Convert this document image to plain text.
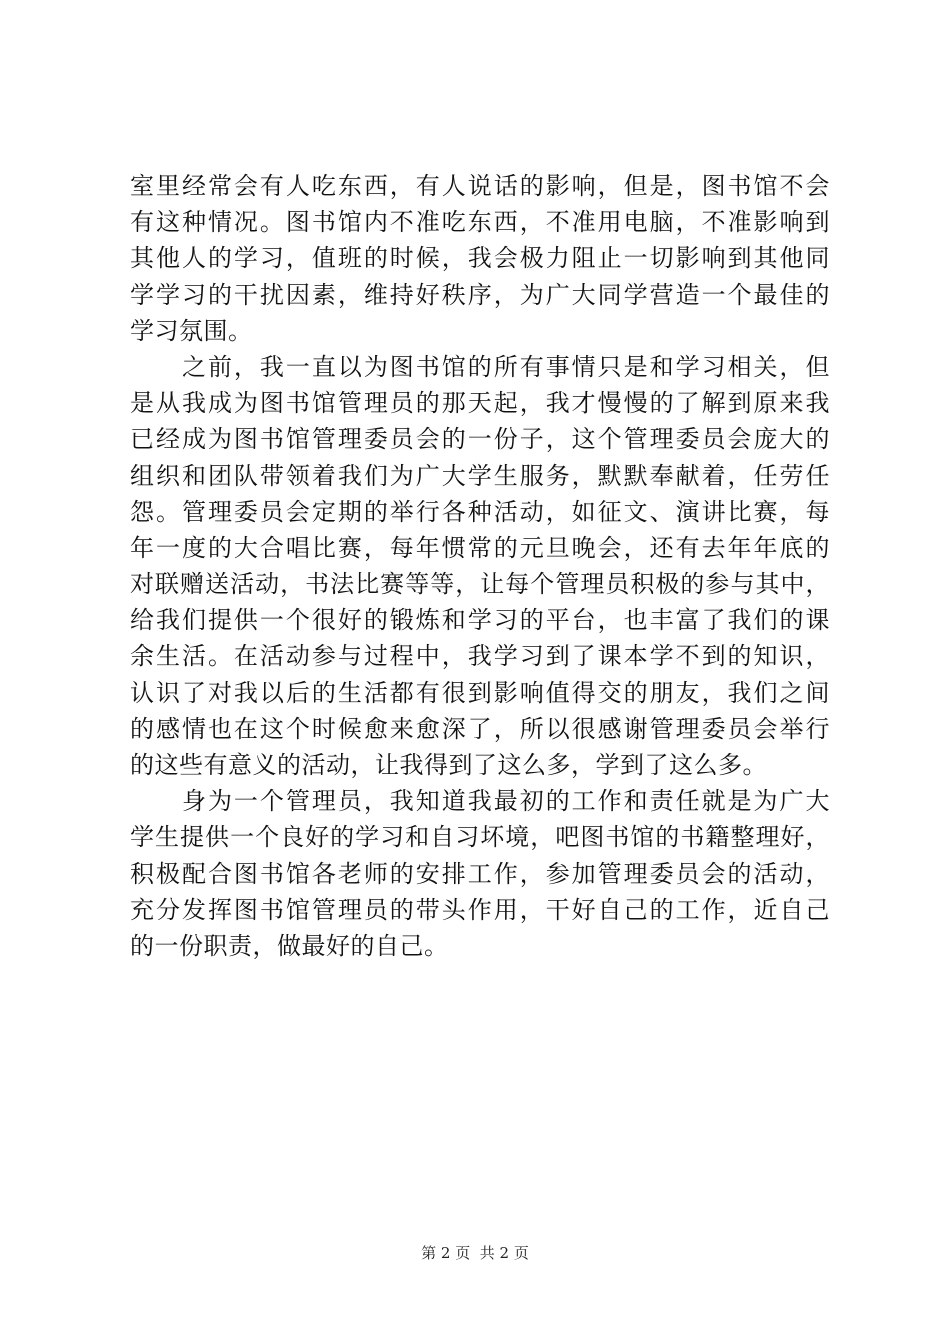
室里经常会有人吃东西，有人说话的影响，但是，图书馆不会
有这种情况。图书馆内不准吃东西，不准用电脑，不准影响到
其他人的学习，值班的时候，我会极力阻止一切影响到其他同
学学习的干扰因素，维持好秩序，为广大同学营造一个最佳的
学习氛围。
　　之前，我一直以为图书馆的所有事情只是和学习相关，但
是从我成为图书馆管理员的那天起，我才慢慢的了解到原来我
已经成为图书馆管理委员会的一份子，这个管理委员会庞大的
组织和团队带领着我们为广大学生服务，默默奉献着，任劳任
怨。管理委员会定期的举行各种活动，如征文、演讲比赛，每
年一度的大合唱比赛，每年惯常的元旦晚会，还有去年年底的
对联赠送活动，书法比赛等等，让每个管理员积极的参与其中，
给我们提供一个很好的锻炼和学习的平台，也丰富了我们的课
余生活。在活动参与过程中，我学习到了课本学不到的知识，
认识了对我以后的生活都有很到影响值得交的朋友，我们之间
的感情也在这个时候愈来愈深了，所以很感谢管理委员会举行
的这些有意义的活动，让我得到了这么多，学到了这么多。
　　身为一个管理员，我知道我最初的工作和责任就是为广大
学生提供一个良好的学习和自习坏境，吧图书馆的书籍整理好，
积极配合图书馆各老师的安排工作，参加管理委员会的活动，
充分发挥图书馆管理员的带头作用，干好自己的工作，近自己
的一份职责，做最好的自己。
第 2 页  共 2 页
